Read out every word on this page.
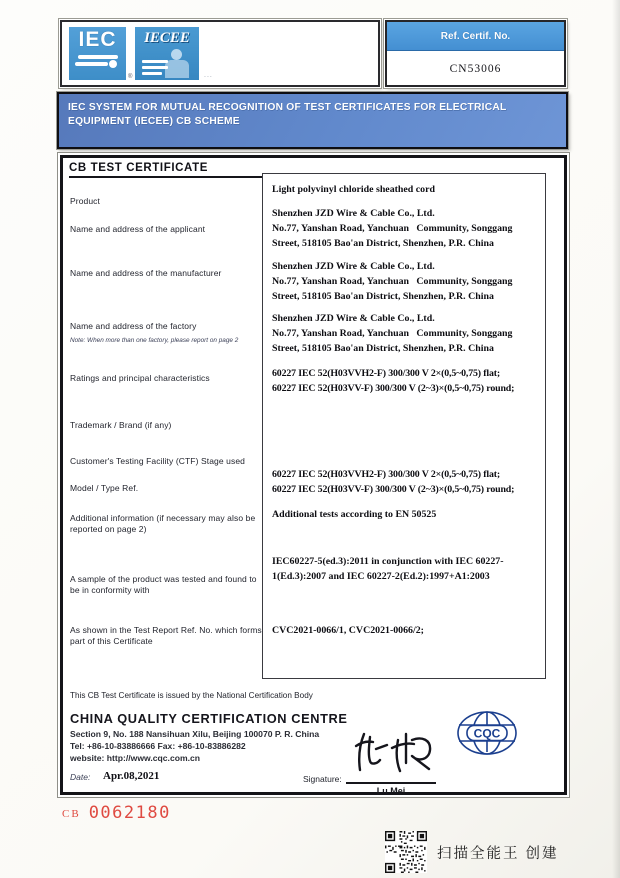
IEC
®
IECEE
...
Ref. Certif. No.
CN53006
IEC SYSTEM FOR MUTUAL RECOGNITION OF TEST CERTIFICATES FOR ELECTRICAL EQUIPMENT (IECEE) CB SCHEME
CB TEST CERTIFICATE
Product
Name and address of the applicant
Name and address of the manufacturer
Name and address of the factory
Note: When more than one factory, please report on page 2
Ratings and principal characteristics
Trademark / Brand (if any)
Customer's Testing Facility (CTF) Stage used
Model / Type Ref.
Additional information (if necessary may also be reported on page 2)
A sample of the product was tested and found to be in conformity with
As shown in the Test Report Ref. No. which forms part of this Certificate
Light polyvinyl chloride sheathed cord
Shenzhen JZD Wire & Cable Co., Ltd.
No.77, Yanshan Road, Yanchuan   Community, Songgang Street, 518105 Bao'an District, Shenzhen, P.R. China
Shenzhen JZD Wire & Cable Co., Ltd.
No.77, Yanshan Road, Yanchuan   Community, Songgang Street, 518105 Bao'an District, Shenzhen, P.R. China
Shenzhen JZD Wire & Cable Co., Ltd.
No.77, Yanshan Road, Yanchuan   Community, Songgang Street, 518105 Bao'an District, Shenzhen, P.R. China
60227 IEC 52(H03VVH2-F) 300/300 V 2×(0,5~0,75) flat;
60227 IEC 52(H03VV-F) 300/300 V (2~3)×(0,5~0,75) round;
60227 IEC 52(H03VVH2-F) 300/300 V 2×(0,5~0,75) flat;
60227 IEC 52(H03VV-F) 300/300 V (2~3)×(0,5~0,75) round;
Additional tests according to EN 50525
IEC60227-5(ed.3):2011 in conjunction with IEC 60227-1(Ed.3):2007 and IEC 60227-2(Ed.2):1997+A1:2003
CVC2021-0066/1, CVC2021-0066/2;
This CB Test Certificate is issued by the National Certification Body
CHINA QUALITY CERTIFICATION CENTRE
Section 9, No. 188 Nansihuan Xilu, Beijing 100070 P. R. China
Tel: +86-10-83886666 Fax: +86-10-83886282
website: http://www.cqc.com.cn
Date: Apr.08,2021	Signature:
Lu Mei
CQC
CB 0062180
扫描全能王 创建
